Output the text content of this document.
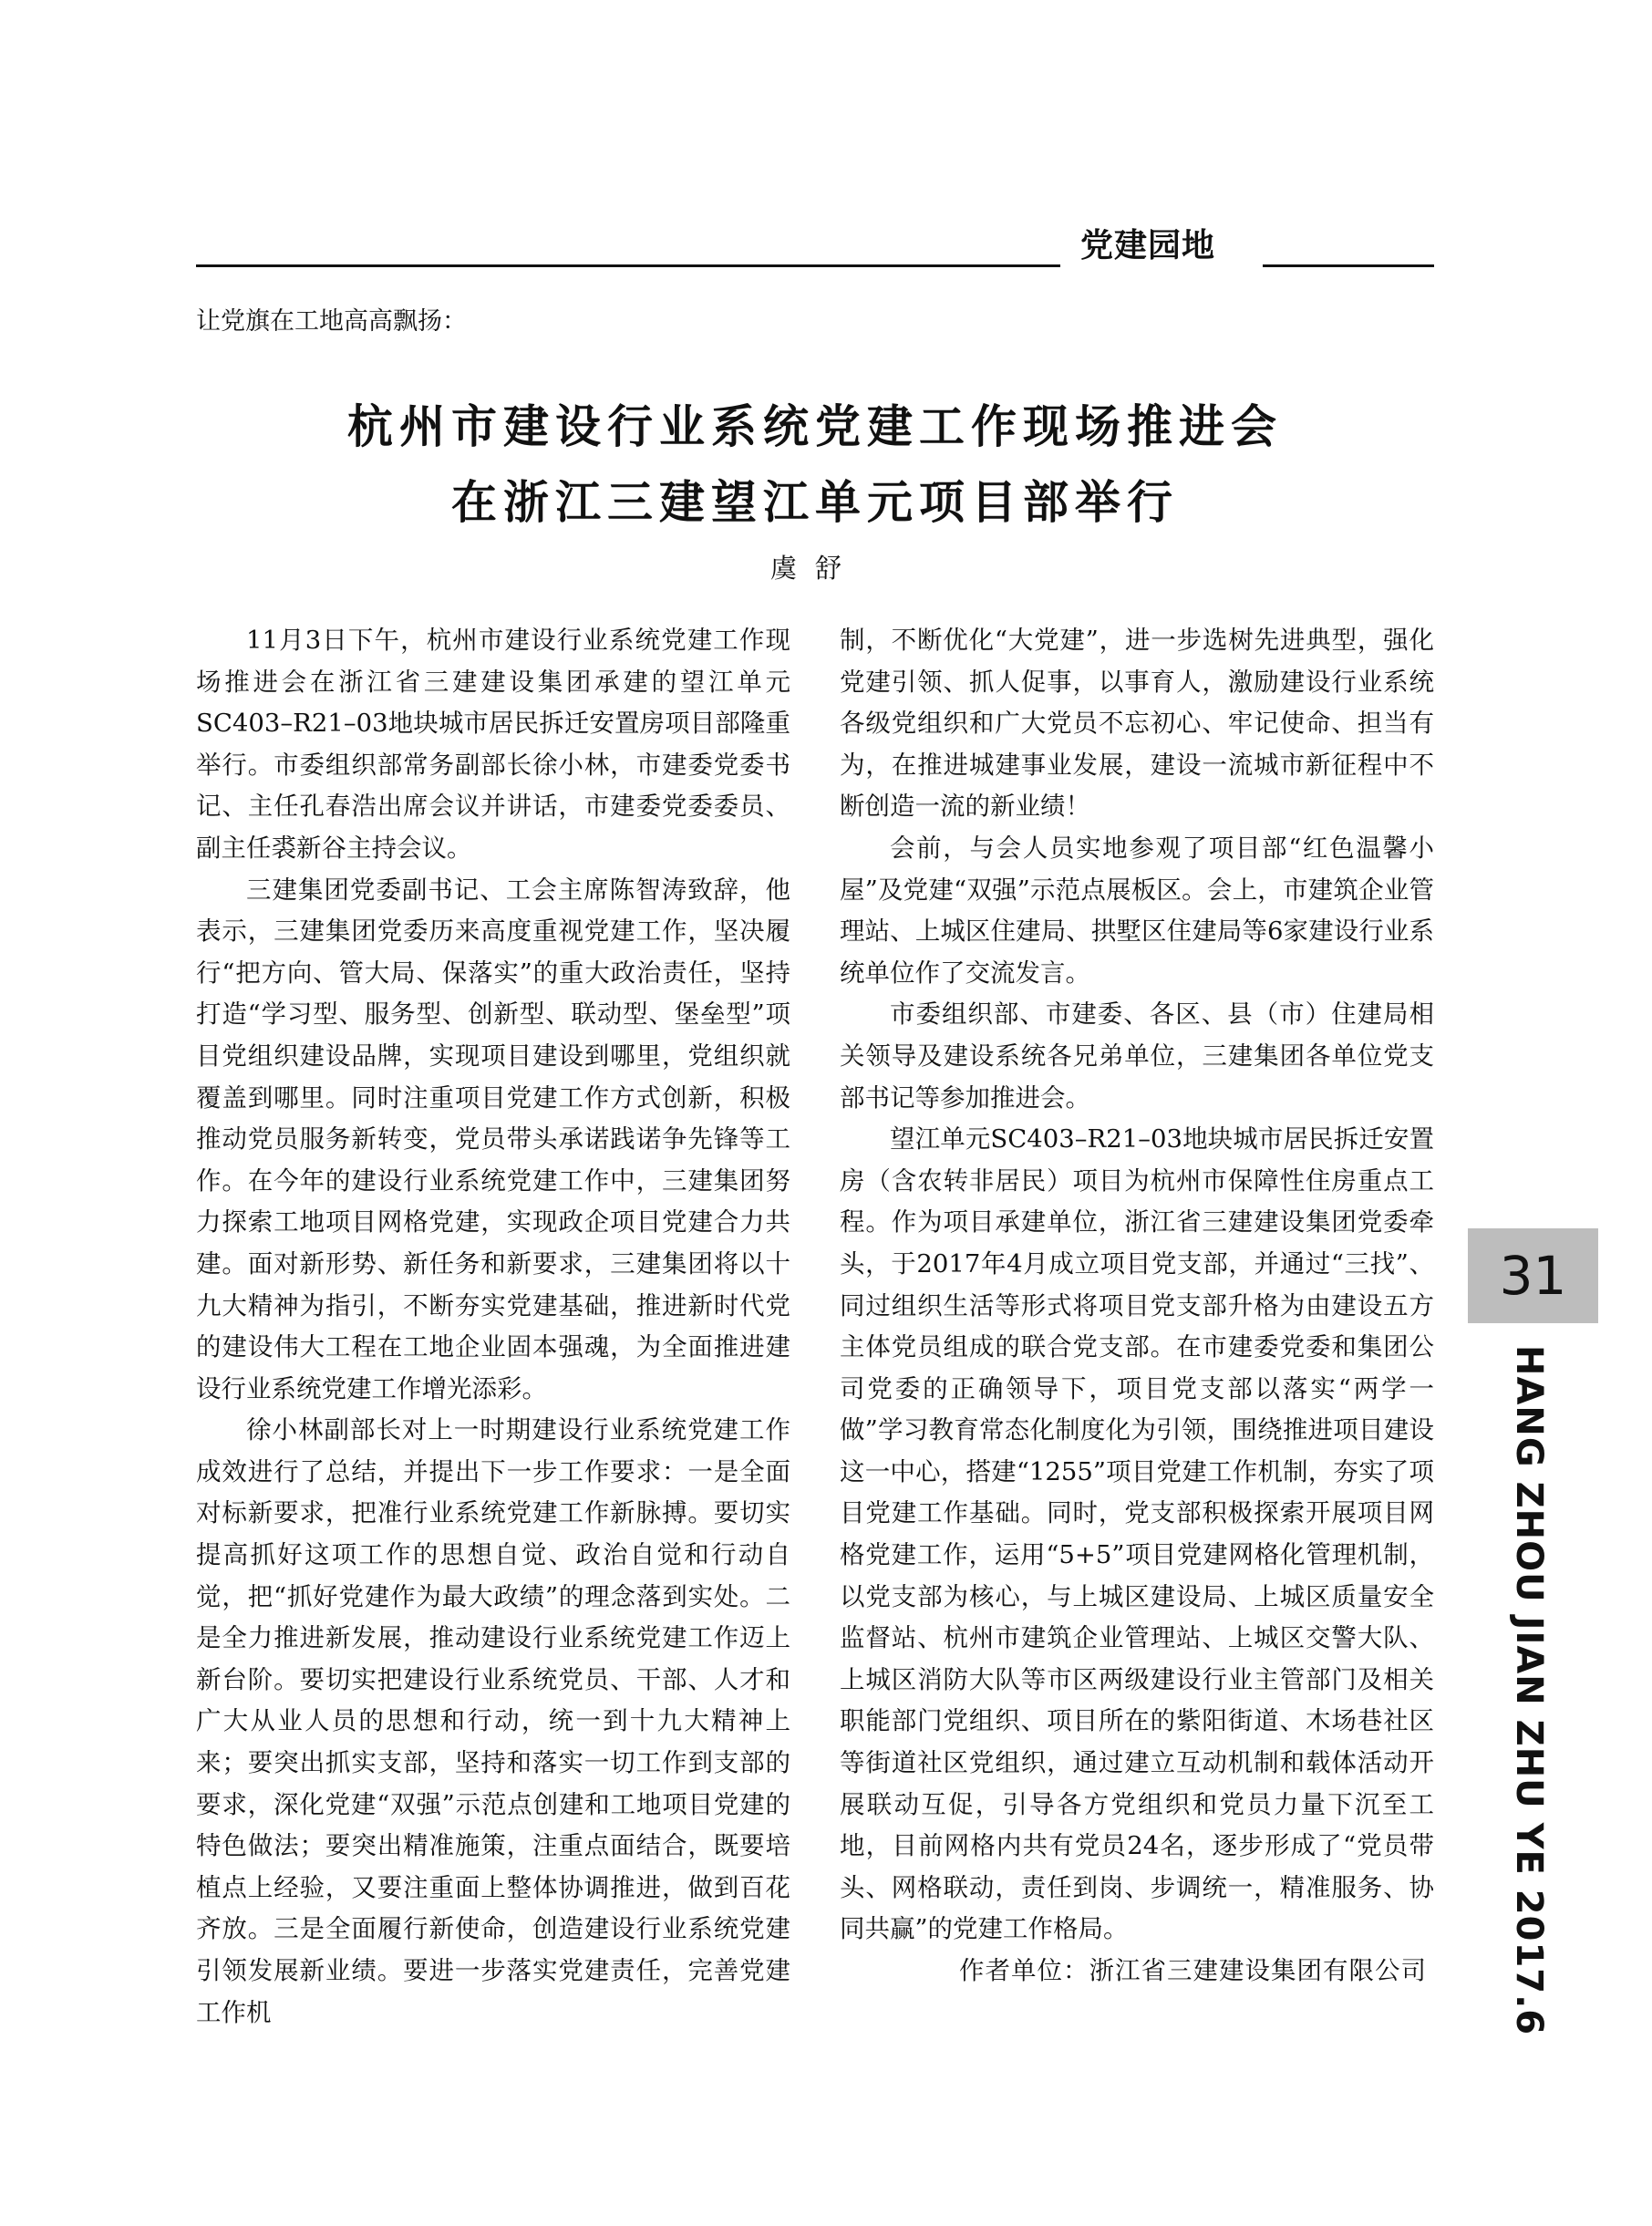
党建园地
让党旗在工地高高飘扬：
杭州市建设行业系统党建工作现场推进会
在浙江三建望江单元项目部举行
虞舒

11月3日下午，杭州市建设行业系统党建工作现场推进会在浙江省三建建设集团承建的望江单元SC403–R21–03地块城市居民拆迁安置房项目部隆重举行。市委组织部常务副部长徐小林，市建委党委书记、主任孔春浩出席会议并讲话，市建委党委委员、副主任裘新谷主持会议。

三建集团党委副书记、工会主席陈智涛致辞，他表示，三建集团党委历来高度重视党建工作，坚决履行“把方向、管大局、保落实”的重大政治责任，坚持打造“学习型、服务型、创新型、联动型、堡垒型”项目党组织建设品牌，实现项目建设到哪里，党组织就覆盖到哪里。同时注重项目党建工作方式创新，积极推动党员服务新转变，党员带头承诺践诺争先锋等工作。在今年的建设行业系统党建工作中，三建集团努力探索工地项目网格党建，实现政企项目党建合力共建。面对新形势、新任务和新要求，三建集团将以十九大精神为指引，不断夯实党建基础，推进新时代党的建设伟大工程在工地企业固本强魂，为全面推进建设行业系统党建工作增光添彩。

徐小林副部长对上一时期建设行业系统党建工作成效进行了总结，并提出下一步工作要求：一是全面对标新要求，把准行业系统党建工作新脉搏。要切实提高抓好这项工作的思想自觉、政治自觉和行动自觉，把“抓好党建作为最大政绩”的理念落到实处。二是全力推进新发展，推动建设行业系统党建工作迈上新台阶。要切实把建设行业系统党员、干部、人才和广大从业人员的思想和行动，统一到十九大精神上来；要突出抓实支部，坚持和落实一切工作到支部的要求，深化党建“双强”示范点创建和工地项目党建的特色做法；要突出精准施策，注重点面结合，既要培植点上经验，又要注重面上整体协调推进，做到百花齐放。三是全面履行新使命，创造建设行业系统党建引领发展新业绩。要进一步落实党建责任，完善党建工作机

制，不断优化“大党建”，进一步选树先进典型，强化党建引领、抓人促事，以事育人，激励建设行业系统各级党组织和广大党员不忘初心、牢记使命、担当有为，在推进城建事业发展，建设一流城市新征程中不断创造一流的新业绩！

会前，与会人员实地参观了项目部“红色温馨小屋”及党建“双强”示范点展板区。会上，市建筑企业管理站、上城区住建局、拱墅区住建局等6家建设行业系统单位作了交流发言。

市委组织部、市建委、各区、县（市）住建局相关领导及建设系统各兄弟单位，三建集团各单位党支部书记等参加推进会。

望江单元SC403–R21–03地块城市居民拆迁安置房（含农转非居民）项目为杭州市保障性住房重点工程。作为项目承建单位，浙江省三建建设集团党委牵头，于2017年4月成立项目党支部，并通过“三找”、同过组织生活等形式将项目党支部升格为由建设五方主体党员组成的联合党支部。在市建委党委和集团公司党委的正确领导下，项目党支部以落实“两学一做”学习教育常态化制度化为引领，围绕推进项目建设这一中心，搭建“1255”项目党建工作机制，夯实了项目党建工作基础。同时，党支部积极探索开展项目网格党建工作，运用“5+5”项目党建网格化管理机制，以党支部为核心，与上城区建设局、上城区质量安全监督站、杭州市建筑企业管理站、上城区交警大队、上城区消防大队等市区两级建设行业主管部门及相关职能部门党组织、项目所在的紫阳街道、木场巷社区等街道社区党组织，通过建立互动机制和载体活动开展联动互促，引导各方党组织和党员力量下沉至工地，目前网格内共有党员24名，逐步形成了“党员带头、网格联动，责任到岗、步调统一，精准服务、协同共赢”的党建工作格局。

作者单位：浙江省三建建设集团有限公司

31
HANG ZHOU JIAN ZHU YE 2017.6
